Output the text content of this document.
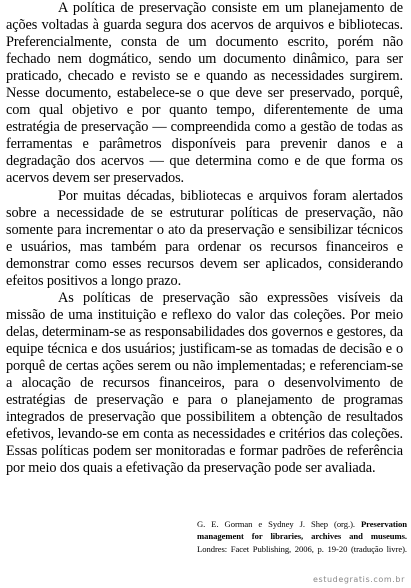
A política de preservação consiste em um planejamento de ações voltadas à guarda segura dos acervos de arquivos e bibliotecas. Preferencialmente, consta de um documento escrito, porém não fechado nem dogmático, sendo um documento dinâmico, para ser praticado, checado e revisto se e quando as necessidades surgirem. Nesse documento, estabelece-se o que deve ser preservado, porquê, com qual objetivo e por quanto tempo, diferentemente de uma estratégia de preservação — compreendida como a gestão de todas as ferramentas e parâmetros disponíveis para prevenir danos e a degradação dos acervos — que determina como e de que forma os acervos devem ser preservados.

Por muitas décadas, bibliotecas e arquivos foram alertados sobre a necessidade de se estruturar políticas de preservação, não somente para incrementar o ato da preservação e sensibilizar técnicos e usuários, mas também para ordenar os recursos financeiros e demonstrar como esses recursos devem ser aplicados, considerando efeitos positivos a longo prazo.

As políticas de preservação são expressões visíveis da missão de uma instituição e reflexo do valor das coleções. Por meio delas, determinam-se as responsabilidades dos governos e gestores, da equipe técnica e dos usuários; justificam-se as tomadas de decisão e o porquê de certas ações serem ou não implementadas; e referenciam-se a alocação de recursos financeiros, para o desenvolvimento de estratégias de preservação e para o planejamento de programas integrados de preservação que possibilitem a obtenção de resultados efetivos, levando-se em conta as necessidades e critérios das coleções. Essas políticas podem ser monitoradas e formar padrões de referência por meio dos quais a efetivação da preservação pode ser avaliada.

G. E. Gorman e Sydney J. Shep (org.). Preservation
management for libraries, archives and museums.
Londres: Facet Publishing, 2006, p. 19-20 (tradução livre).
estudegratis.com.br
